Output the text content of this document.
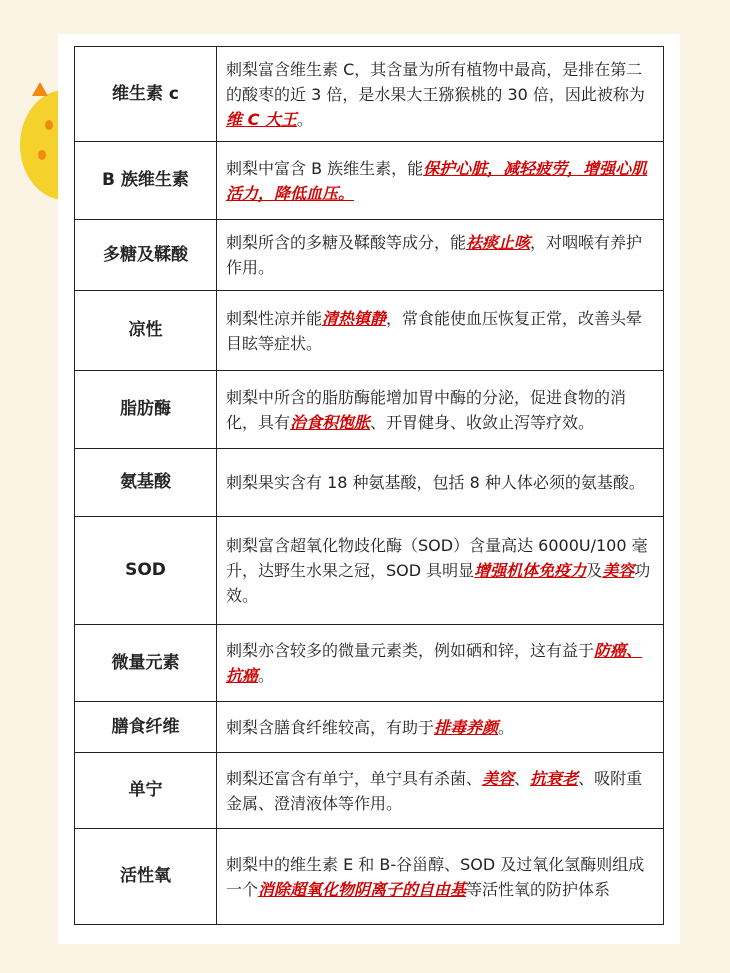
维生素 c	刺梨富含维生素 C，其含量为所有植物中最高，是排在第二的酸枣的近 3 倍，是水果大王猕猴桃的 30 倍，因此被称为维 C 大王。
B 族维生素	刺梨中富含 B 族维生素，能保护心脏，减轻疲劳，增强心肌活力，降低血压。
多糖及鞣酸	刺梨所含的多糖及鞣酸等成分，能祛痰止咳，对咽喉有养护作用。
凉性	刺梨性凉并能清热镇静，常食能使血压恢复正常，改善头晕目眩等症状。
脂肪酶	刺梨中所含的脂肪酶能增加胃中酶的分泌，促进食物的消化，具有治食积饱胀、开胃健身、收敛止泻等疗效。
氨基酸	刺梨果实含有 18 种氨基酸，包括 8 种人体必须的氨基酸。
SOD	刺梨富含超氧化物歧化酶（SOD）含量高达 6000U/100 毫升，达野生水果之冠，SOD 具明显增强机体免疫力及美容功效。
微量元素	刺梨亦含较多的微量元素类，例如硒和锌，这有益于防癌、抗癌。
膳食纤维	刺梨含膳食纤维较高，有助于排毒养颜。
单宁	刺梨还富含有单宁，单宁具有杀菌、美容、抗衰老、吸附重金属、澄清液体等作用。
活性氧	刺梨中的维生素 E 和 B-谷甾醇、SOD 及过氧化氢酶则组成一个消除超氧化物阴离子的自由基等活性氧的防护体系
